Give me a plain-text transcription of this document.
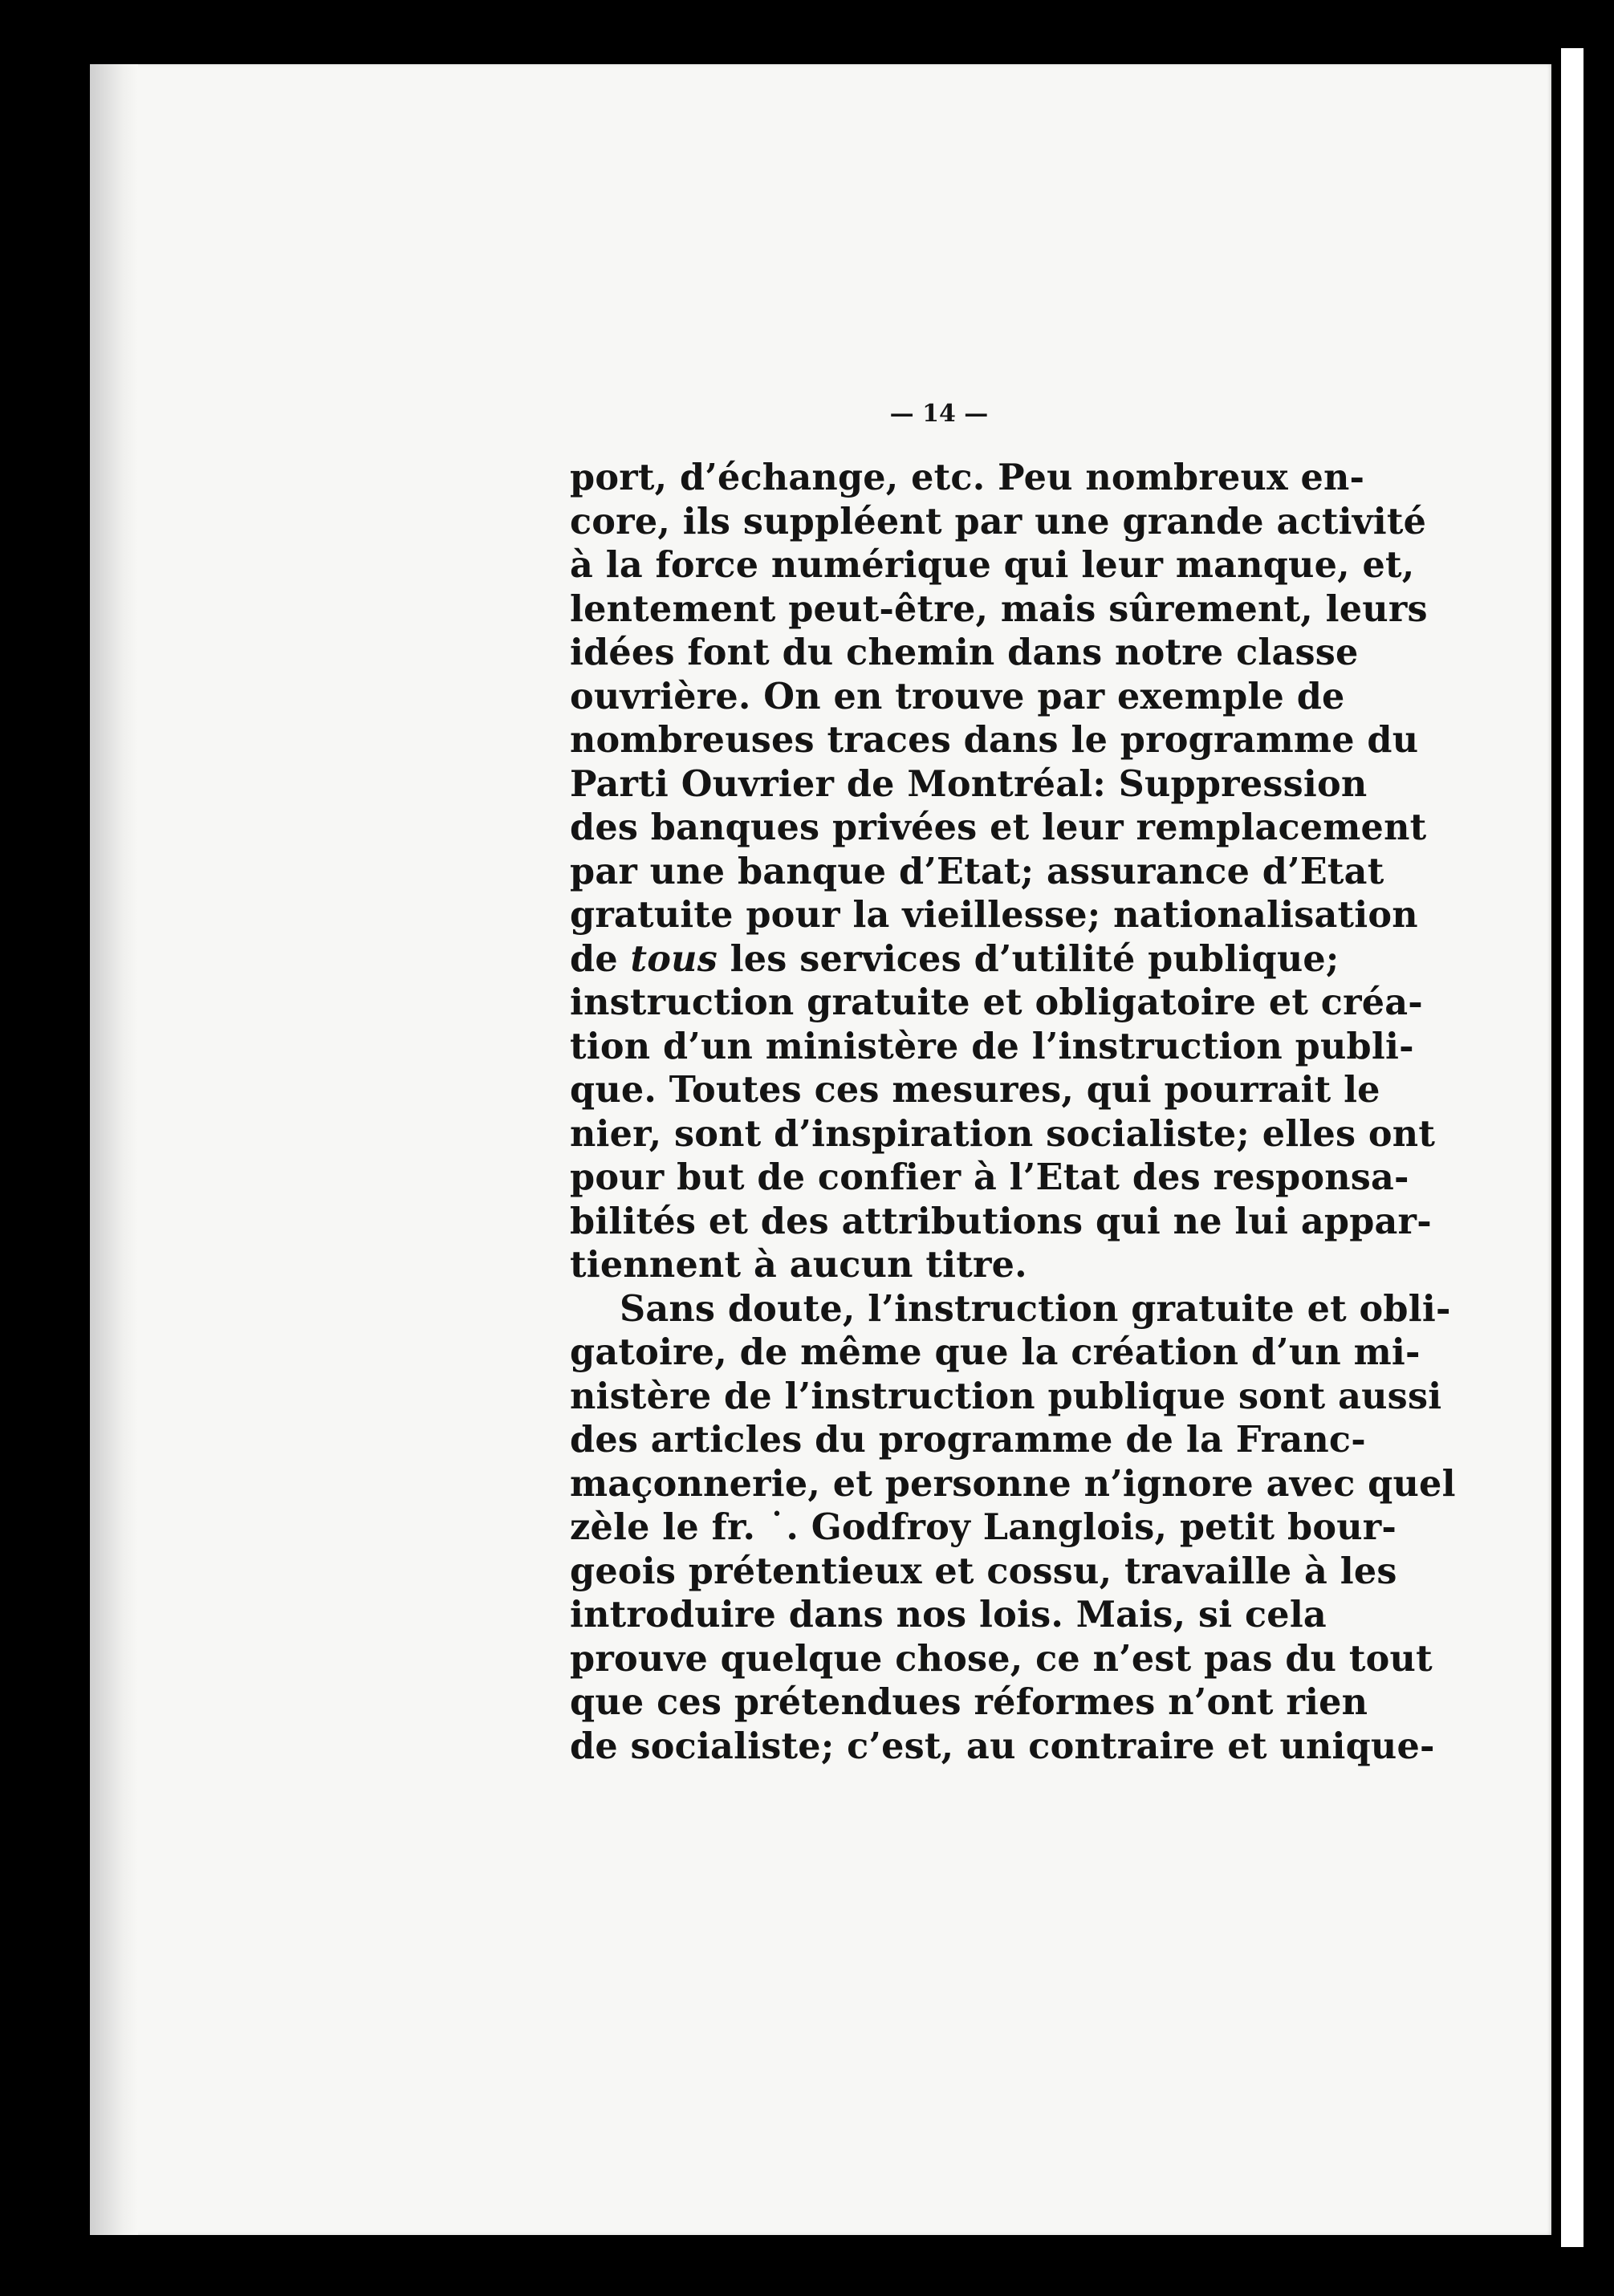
— 14 —
port, d’échange, etc. Peu nombreux en-
core, ils suppléent par une grande activité
à la force numérique qui leur manque, et,
lentement peut-être, mais sûrement, leurs
idées font du chemin dans notre classe
ouvrière. On en trouve par exemple de
nombreuses traces dans le programme du
Parti Ouvrier de Montréal: Suppression
des banques privées et leur remplacement
par une banque d’Etat; assurance d’Etat
gratuite pour la vieillesse; nationalisation
de tous les services d’utilité publique;
instruction gratuite et obligatoire et créa-
tion d’un ministère de l’instruction publi-
que. Toutes ces mesures, qui pourrait le
nier, sont d’inspiration socialiste; elles ont
pour but de confier à l’Etat des responsa-
bilités et des attributions qui ne lui appar-
tiennent à aucun titre.
Sans doute, l’instruction gratuite et obli-
gatoire, de même que la création d’un mi-
nistère de l’instruction publique sont aussi
des articles du programme de la Franc-
maçonnerie, et personne n’ignore avec quel
zèle le fr. ˙. Godfroy Langlois, petit bour-
geois prétentieux et cossu, travaille à les
introduire dans nos lois. Mais, si cela
prouve quelque chose, ce n’est pas du tout
que ces prétendues réformes n’ont rien
de socialiste; c’est, au contraire et unique-
